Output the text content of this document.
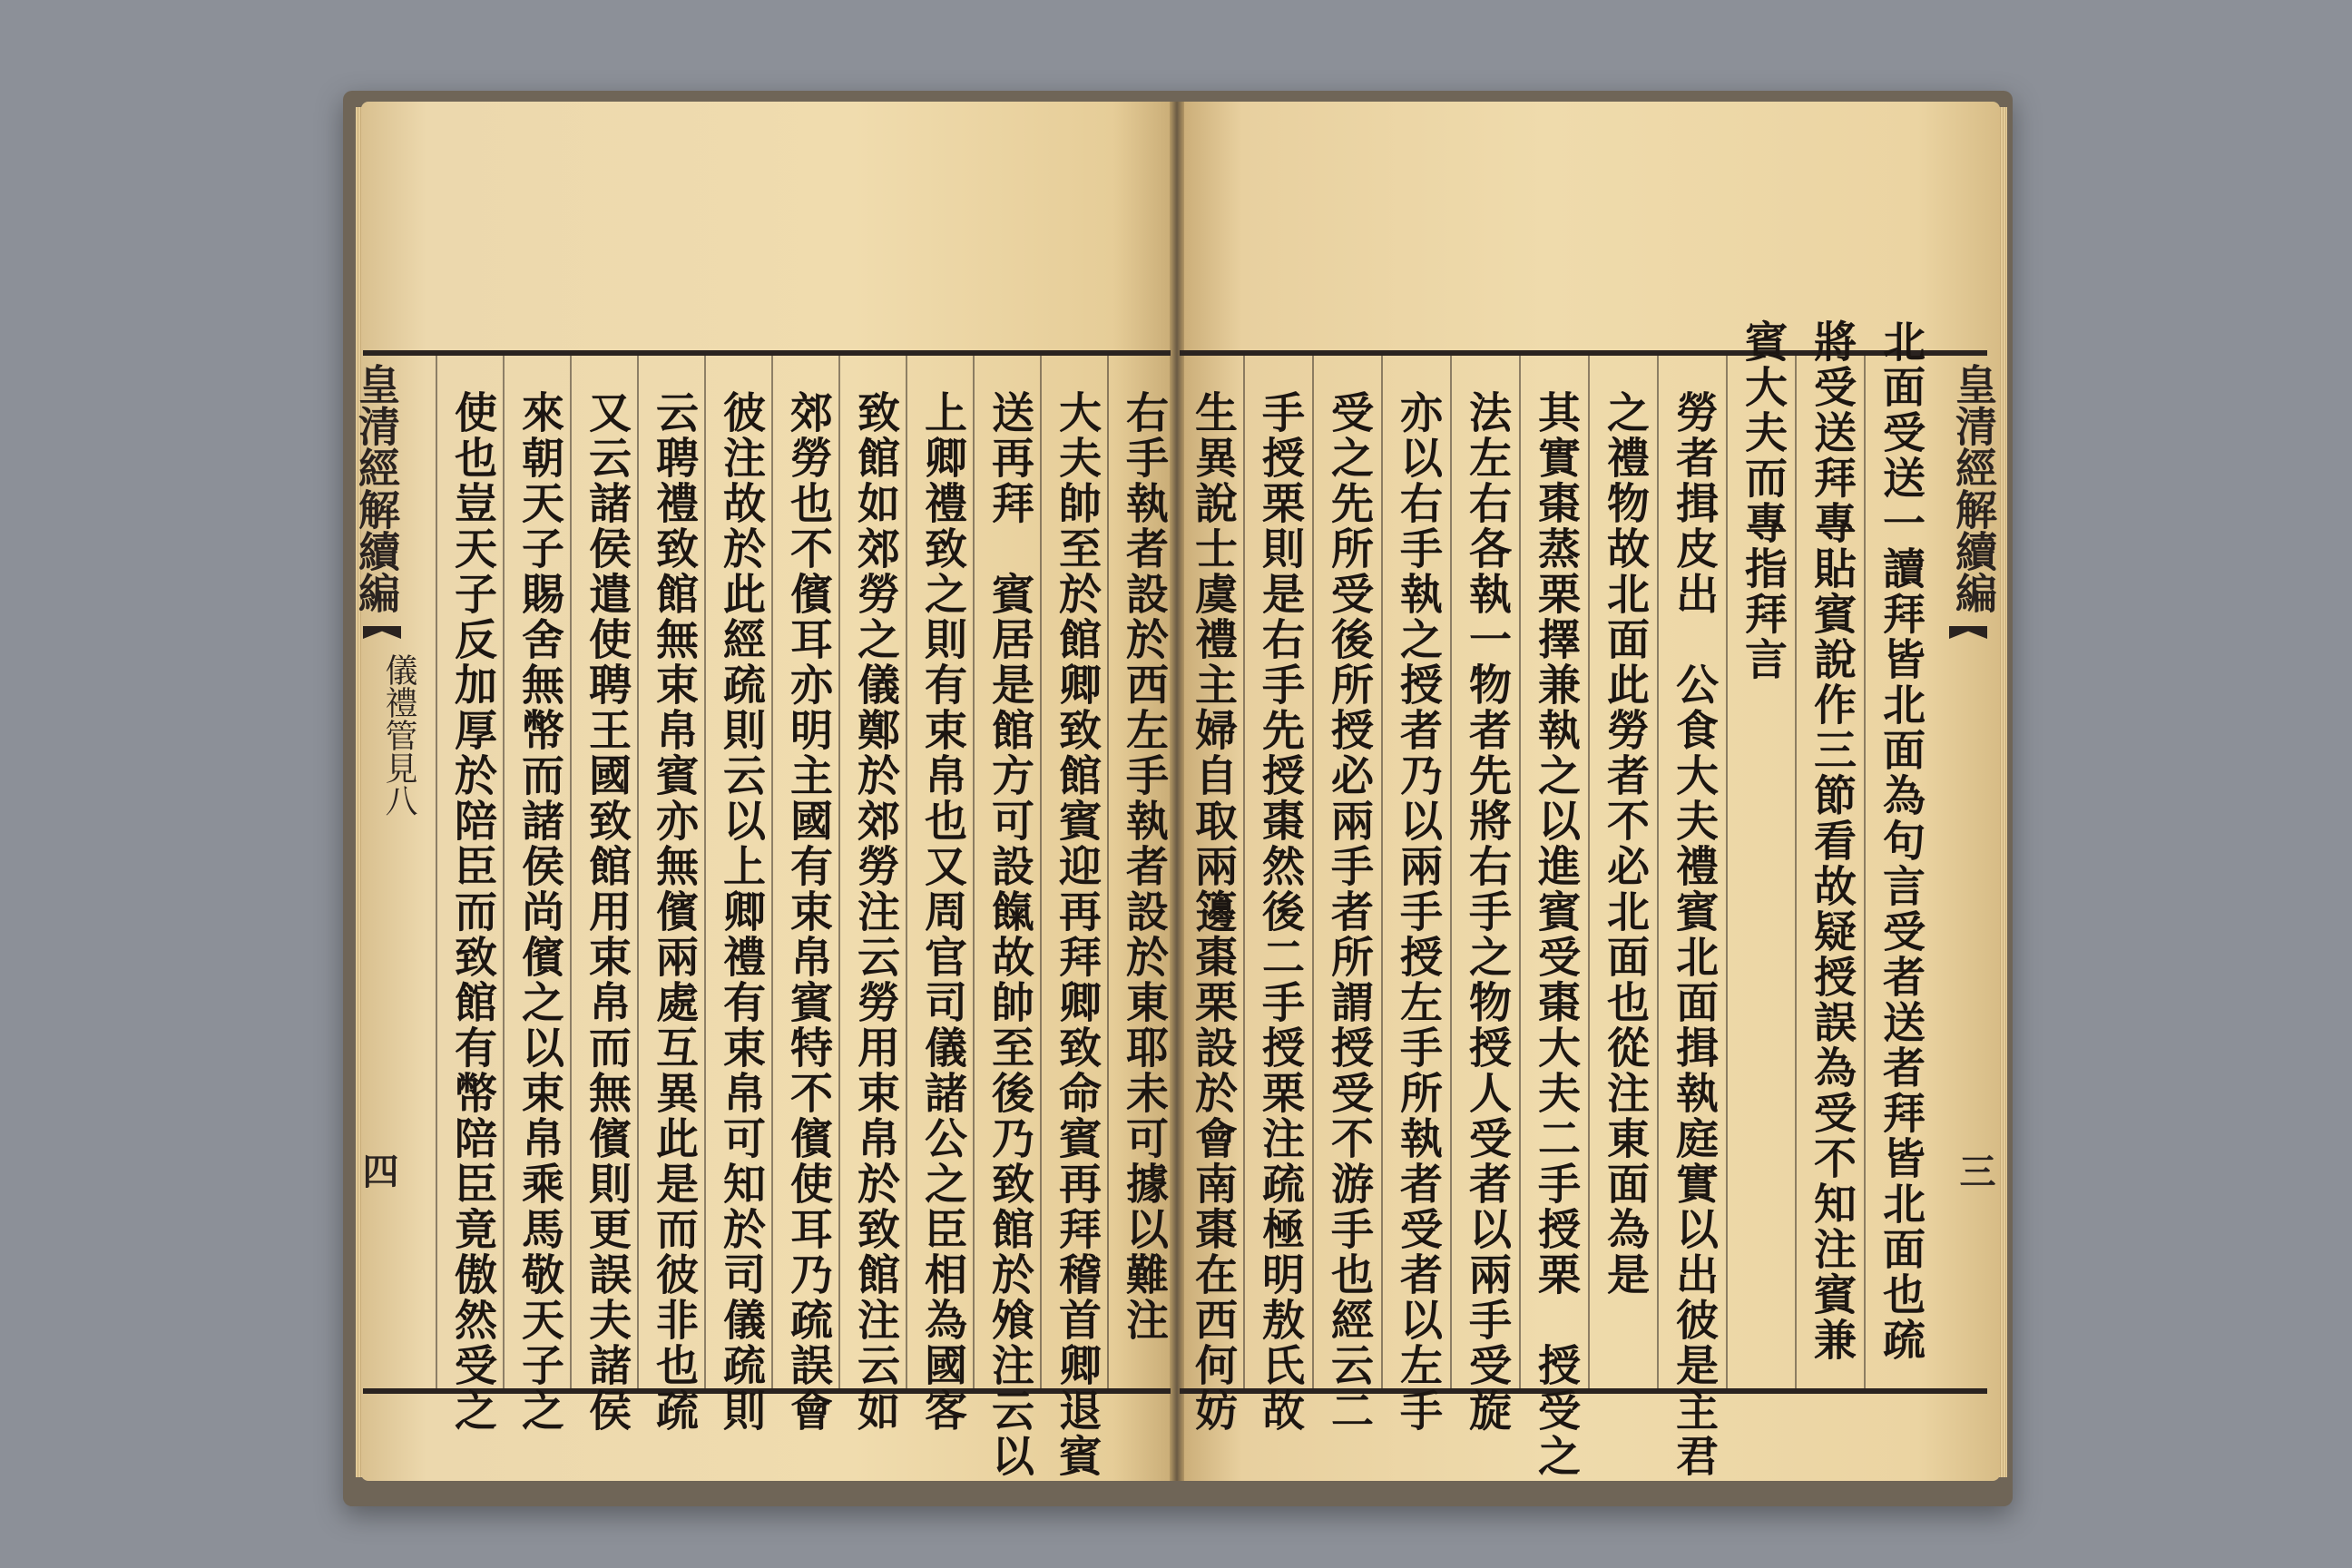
右手執者設於西左手執者設於東耶未可據以難注
大夫帥至於館卿致館賓迎再拜卿致命賓再拜稽首卿退賓
送再拜　賓居是館方可設餼故帥至後乃致館於飧注云以
上卿禮致之則有束帛也又周官司儀諸公之臣相為國客
致館如郊勞之儀鄭於郊勞注云勞用束帛於致館注云如
郊勞也不儐耳亦明主國有束帛賓特不儐使耳乃疏誤會
彼注故於此經疏則云以上卿禮有束帛可知於司儀疏則
云聘禮致館無束帛賓亦無儐兩處互異此是而彼非也疏
又云諸侯遣使聘王國致館用束帛而無儐則更誤夫諸侯
來朝天子賜舍無幣而諸侯尚儐之以束帛乘馬敬天子之
使也豈天子反加厚於陪臣而致館有幣陪臣竟傲然受之
皇清經解續編
儀禮管見八
四	北面受送一讀拜皆北面為句言受者送者拜皆北面也疏
將受送拜專貼賓說作三節看故疑授誤為受不知注賓兼
賓大夫而專指拜言
勞者揖皮出　公食大夫禮賓北面揖執庭實以出彼是主君
之禮物故北面此勞者不必北面也從注東面為是
其實棗蒸栗擇兼執之以進賓受棗大夫二手授栗　授受之
法左右各執一物者先將右手之物授人受者以兩手受旋
亦以右手執之授者乃以兩手授左手所執者受者以左手
受之先所受後所授必兩手者所謂授受不游手也經云二
手授栗則是右手先授棗然後二手授栗注疏極明敖氏故
生異說士虞禮主婦自取兩籩棗栗設於會南棗在西何妨	皇清經解續編
三
